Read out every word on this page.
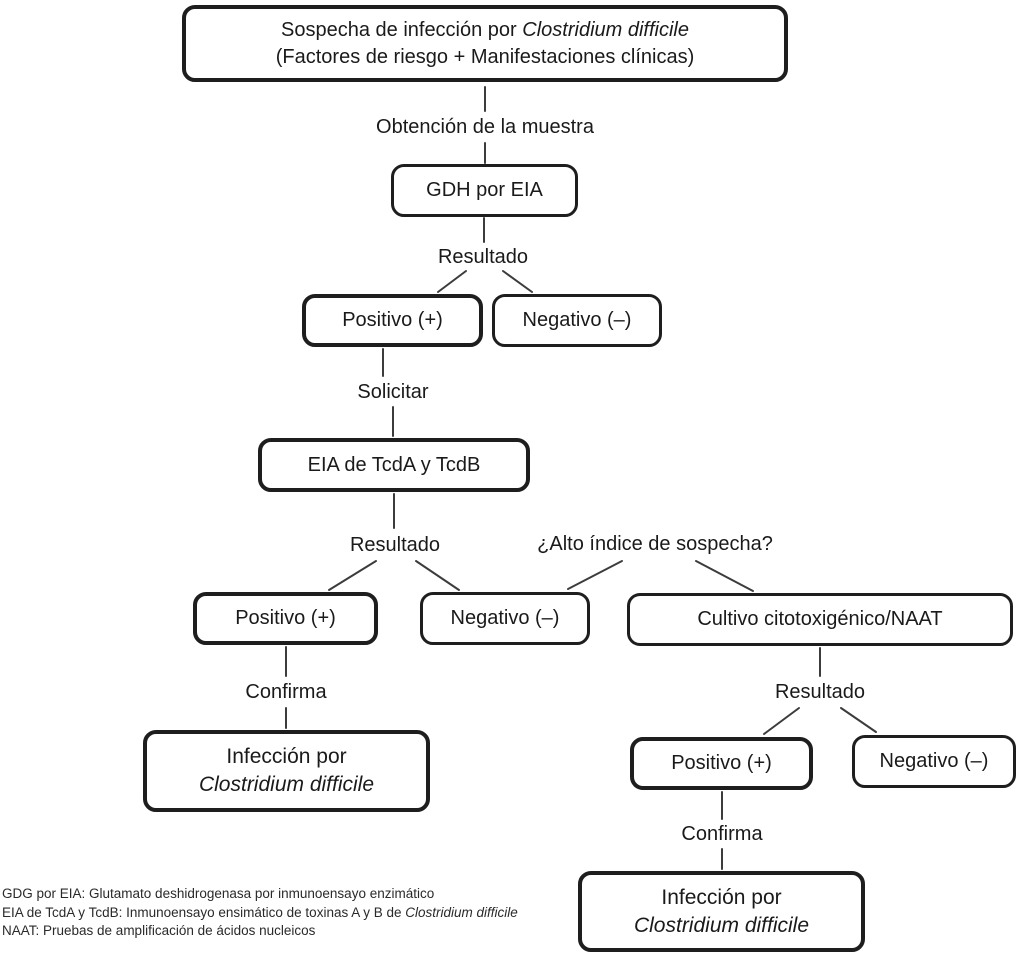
Sospecha de infección por Clostridium difficile
(Factores de riesgo + Manifestaciones clínicas)
Obtención de la muestra
GDH por EIA
Resultado
Positivo (+)	Negativo (–)
Solicitar
EIA de TcdA y TcdB
Resultado	¿Alto índice de sospecha?
Positivo (+)	Negativo (–)	Cultivo citotoxigénico/NAAT
Confirma	Resultado
Infección por
Clostridium difficile
Positivo (+)	Negativo (–)
Confirma
Infección por
Clostridium difficile
GDG por EIA: Glutamato deshidrogenasa por inmunoensayo enzimático
EIA de TcdA y TcdB: Inmunoensayo ensimático de toxinas A y B de Clostridium difficile
NAAT: Pruebas de amplificación de ácidos nucleicos
